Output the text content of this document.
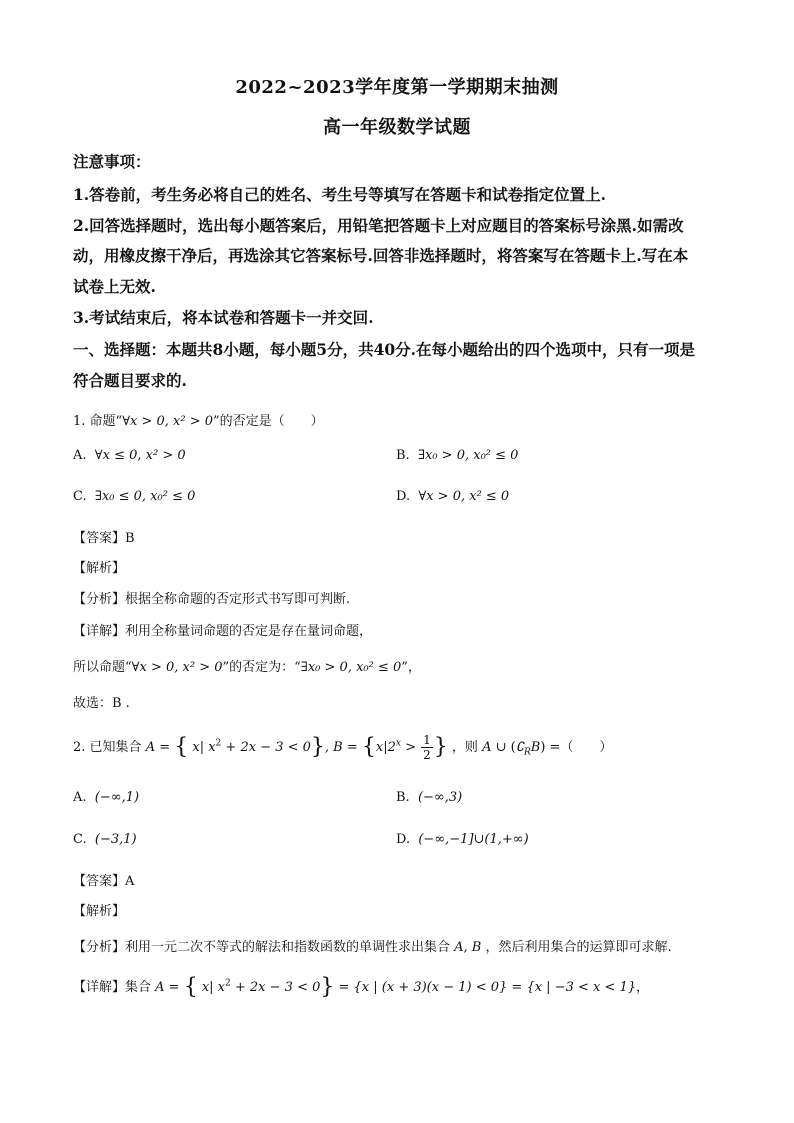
2022~2023学年度第一学期期末抽测
高一年级数学试题
注意事项：
1.答卷前，考生务必将自己的姓名、考生号等填写在答题卡和试卷指定位置上.
2.回答选择题时，选出每小题答案后，用铅笔把答题卡上对应题目的答案标号涂黑.如需改
动，用橡皮擦干净后，再选涂其它答案标号.回答非选择题时，将答案写在答题卡上.写在本
试卷上无效.
3.考试结束后，将本试卷和答题卡一并交回.
一、选择题：本题共8小题，每小题5分，共40分.在每小题给出的四个选项中，只有一项是
符合题目要求的.
1. 命题“∀x > 0, x² > 0”的否定是（　　）
A. ∀x ≤ 0, x² > 0	B. ∃x₀ > 0, x₀² ≤ 0
C. ∃x₀ ≤ 0, x₀² ≤ 0	D. ∀x > 0, x² ≤ 0
【答案】B
【解析】
【分析】根据全称命题的否定形式书写即可判断.
【详解】利用全称量词命题的否定是存在量词命题，
所以命题“∀x > 0, x² > 0”的否定为：“∃x₀ > 0, x₀² ≤ 0”，
故选：B .
2. 已知集合 A = { x| $x^2 + 2x - 3 < 0$}, $B = \{x|2^x > \frac{1}{2}$ } ，则 A ∪ $(∁_RB)$ =（　　）
A. (−∞,1)	B. (−∞,3)
C. (−3,1)	D. (−∞,−1]∪(1,+∞)
【答案】A
【解析】
【分析】利用一元二次不等式的解法和指数函数的单调性求出集合 A, B ，然后利用集合的运算即可求解.
【详解】集合 A = { x| $x^2 + 2x - 3 < 0\} = \{x$ | (x + 3)(x − 1) < 0} = {x | −3 < x < 1}，
